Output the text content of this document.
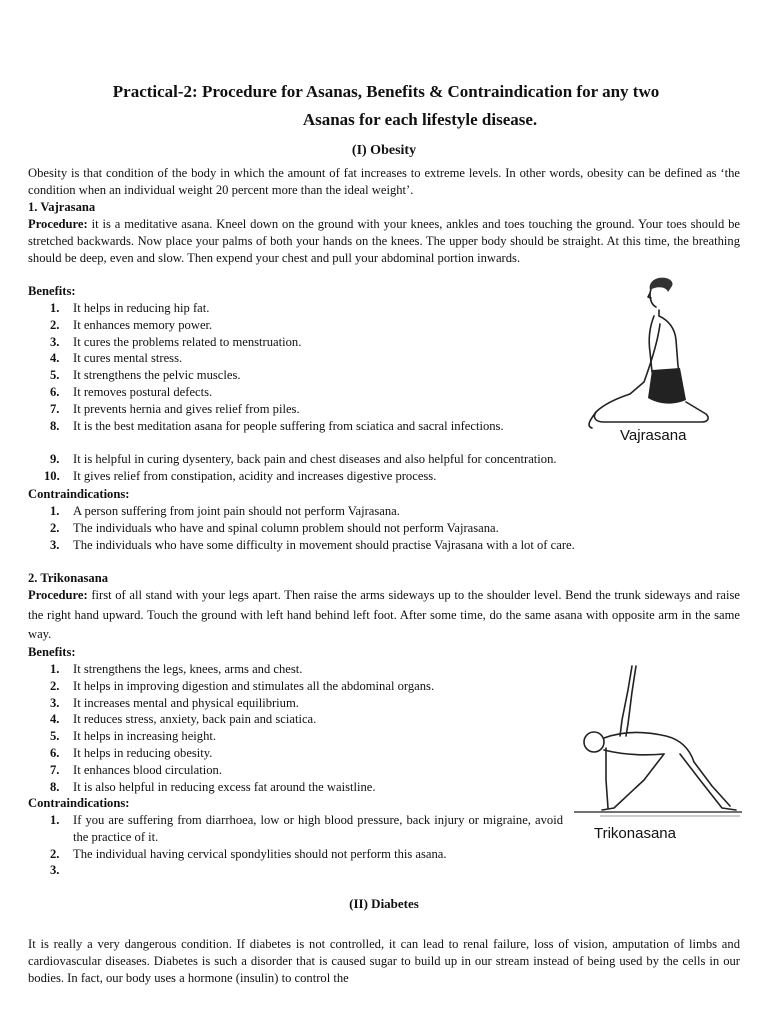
Practical-2: Procedure for Asanas, Benefits & Contraindication for any two
Asanas for each lifestyle disease.
(I) Obesity
Obesity is that condition of the body in which the amount of fat increases to extreme levels. In other words, obesity can be defined as ‘the condition when an individual weight 20 percent more than the ideal weight’.
1. Vajrasana
Procedure: it is a meditative asana. Kneel down on the ground with your knees, ankles and toes touching the ground. Your toes should be stretched backwards. Now place your palms of both your hands on the knees. The upper body should be straight. At this time, the breathing should be deep, even and slow. Then expend your chest and pull your abdominal portion inwards.
Benefits:
1. It helps in reducing hip fat.
2. It enhances memory power.
3. It cures the problems related to menstruation.
4. It cures mental stress.
5. It strengthens the pelvic muscles.
6. It removes postural defects.
7. It prevents hernia and gives relief from piles.
8. It is the best meditation asana for people suffering from sciatica and sacral infections.
9. It is helpful in curing dysentery, back pain and chest diseases and also helpful for concentration.
10. It gives relief from constipation, acidity and increases digestive process.
Vajrasana
Contraindications:
1. A person suffering from joint pain should not perform Vajrasana.
2. The individuals who have and spinal column problem should not perform Vajrasana.
3. The individuals who have some difficulty in movement should practise Vajrasana with a lot of care.
2. Trikonasana
Procedure: first of all stand with your legs apart. Then raise the arms sideways up to the shoulder level. Bend the trunk sideways and raise the right hand upward. Touch the ground with left hand behind left foot. After some time, do the same asana with opposite arm in the same way.
Benefits:
1. It strengthens the legs, knees, arms and chest.
2. It helps in improving digestion and stimulates all the abdominal organs.
3. It increases mental and physical equilibrium.
4. It reduces stress, anxiety, back pain and sciatica.
5. It helps in increasing height.
6. It helps in reducing obesity.
7. It enhances blood circulation.
8. It is also helpful in reducing excess fat around the waistline.
Trikonasana
Contraindications:
1. If you are suffering from diarrhoea, low or high blood pressure, back injury or migraine, avoid the practice of it.
2. The individual having cervical spondylities should not perform this asana.
3.

(II) Diabetes
It is really a very dangerous condition. If diabetes is not controlled, it can lead to renal failure, loss of vision, amputation of limbs and cardiovascular diseases. Diabetes is such a disorder that is caused sugar to build up in our stream instead of being used by the cells in our bodies. In fact, our body uses a hormone (insulin) to control the
